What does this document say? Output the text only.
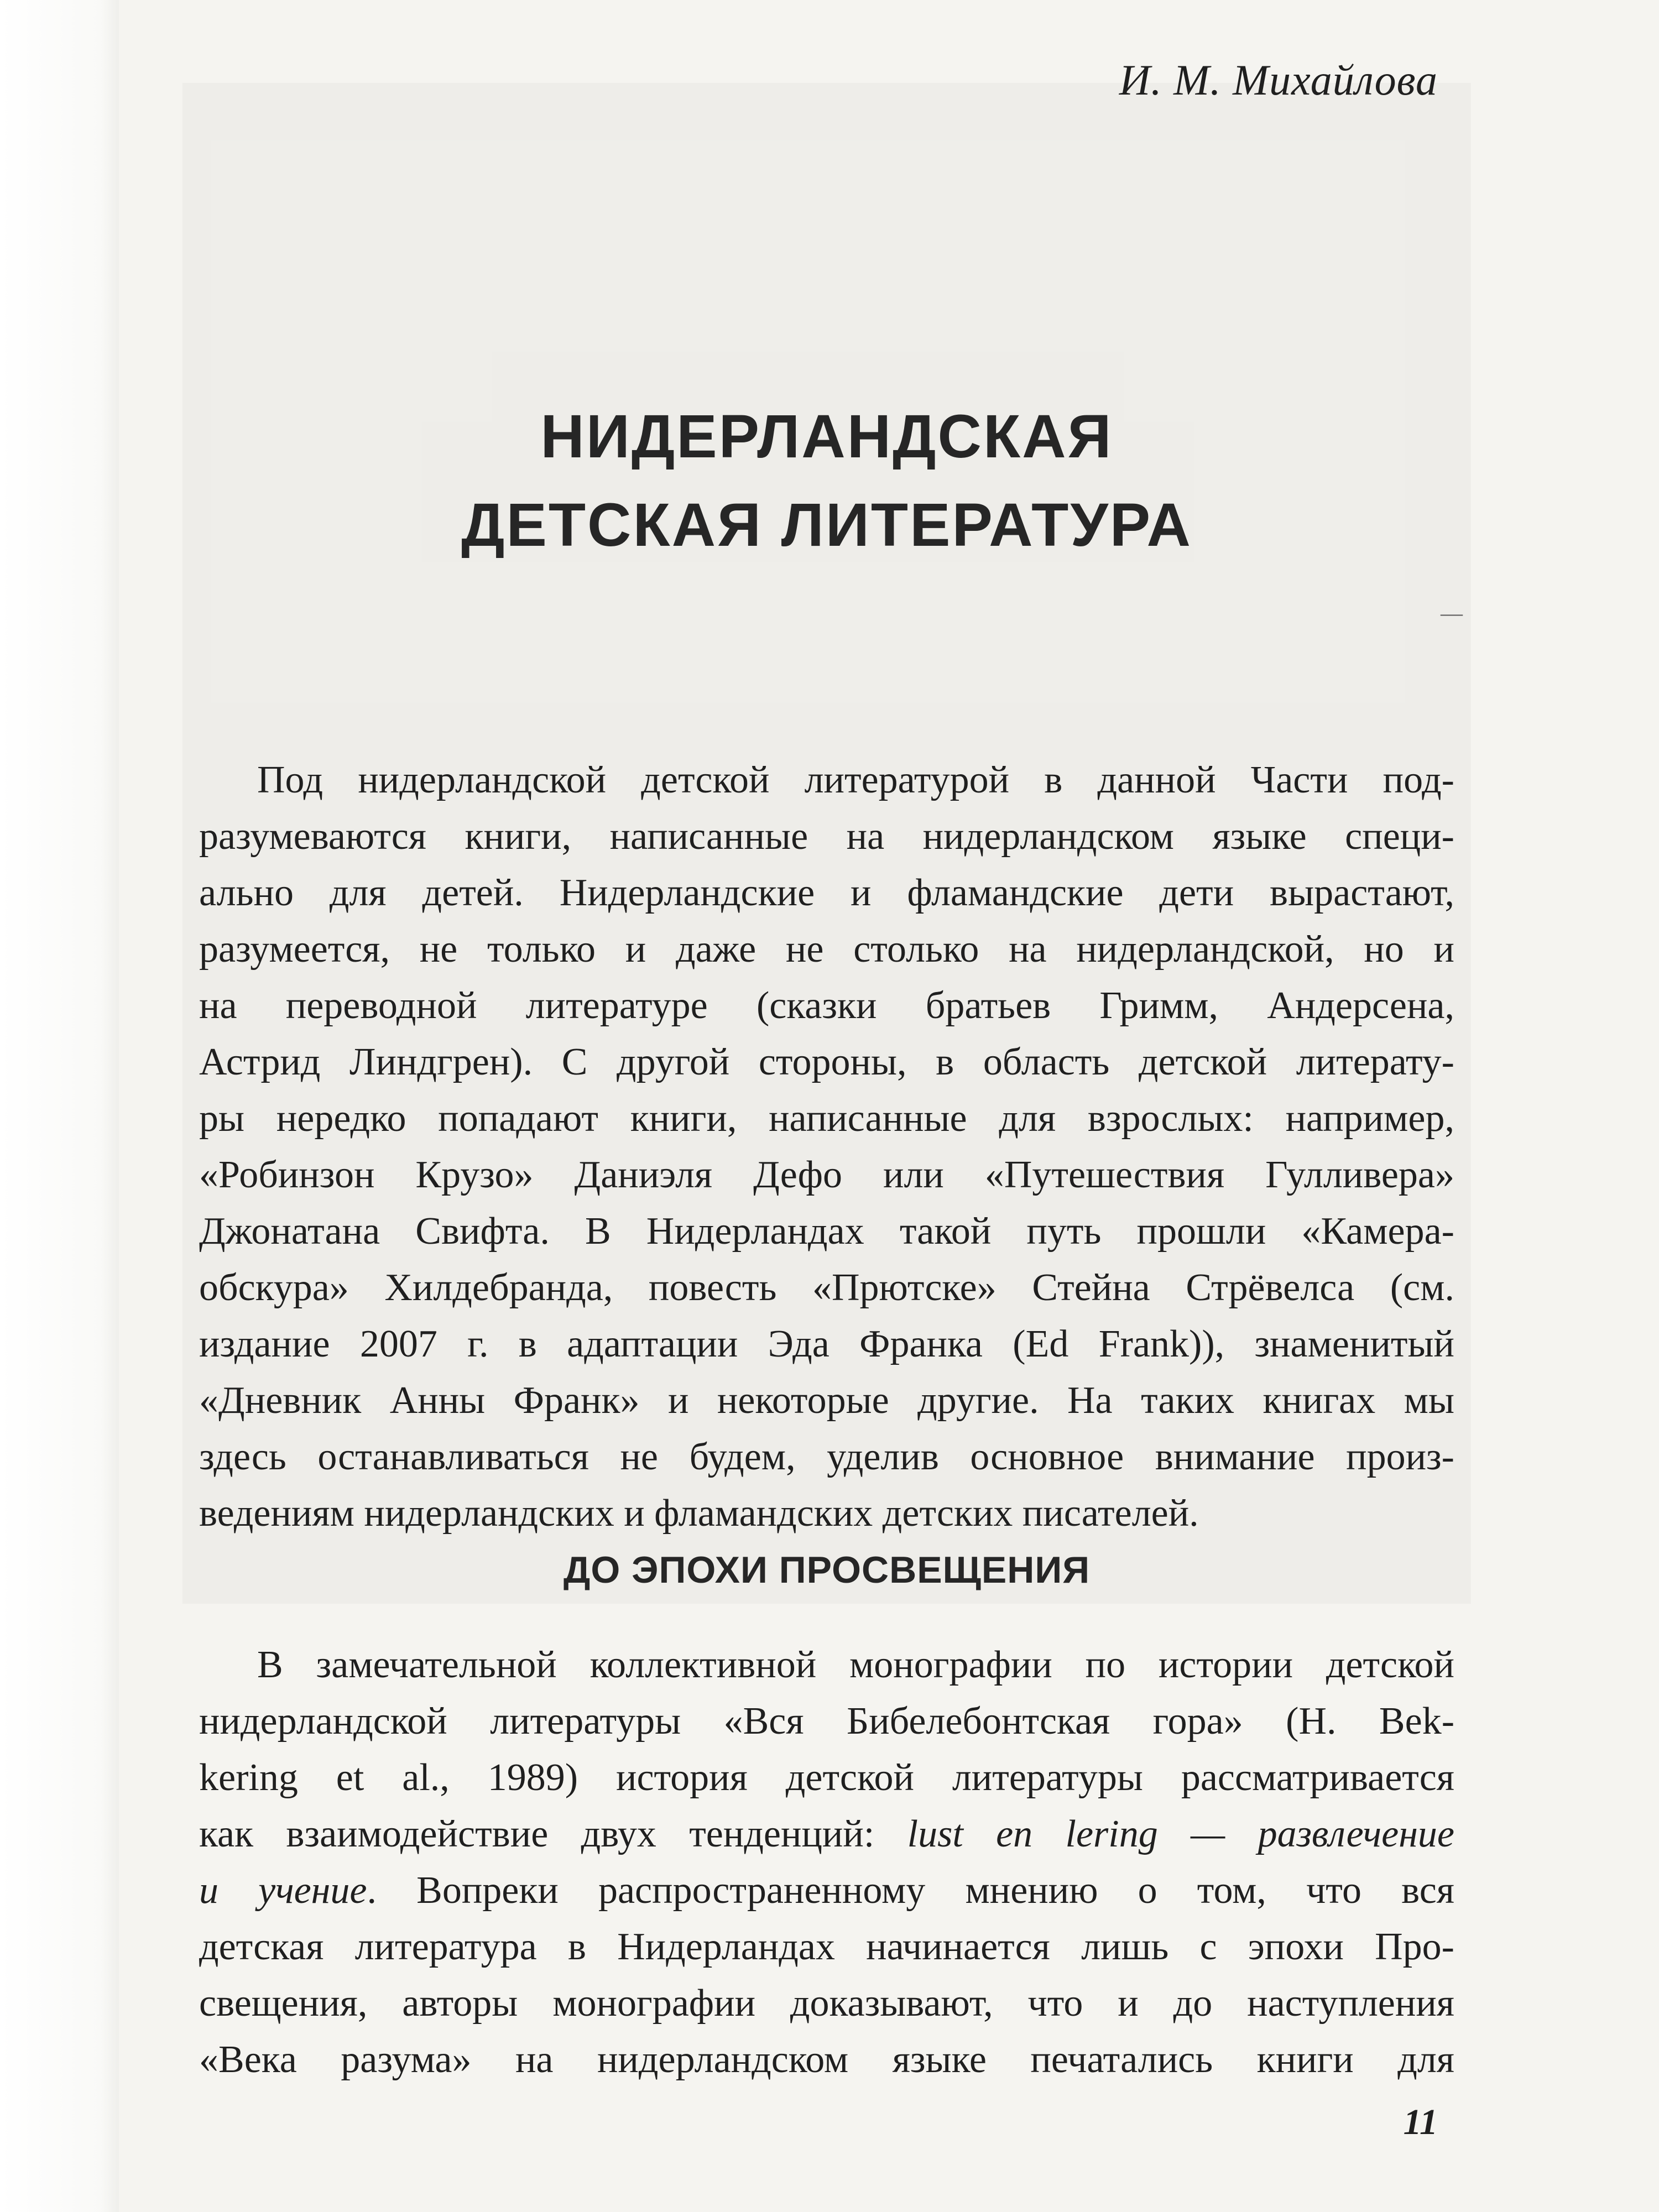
И. М. Михайлова
НИДЕРЛАНДСКАЯ
ДЕТСКАЯ ЛИТЕРАТУРА
—
Под нидерландской детской литературой в данной Части под-
разумеваются книги, написанные на нидерландском языке специ-
ально для детей. Нидерландские и фламандские дети вырастают,
разумеется, не только и даже не столько на нидерландской, но и
на переводной литературе (сказки братьев Гримм, Андерсена,
Астрид Линдгрен). С другой стороны, в область детской литерату-
ры нередко попадают книги, написанные для взрослых: например,
«Робинзон Крузо» Даниэля Дефо или «Путешествия Гулливера»
Джонатана Свифта. В Нидерландах такой путь прошли «Камера-
обскура» Хилдебранда, повесть «Прютске» Стейна Стрёвелса (см.
издание 2007 г. в адаптации Эда Франка (Ed Frank)), знаменитый
«Дневник Анны Франк» и некоторые другие. На таких книгах мы
здесь останавливаться не будем, уделив основное внимание произ-
ведениям нидерландских и фламандских детских писателей.
ДО ЭПОХИ ПРОСВЕЩЕНИЯ
В замечательной коллективной монографии по истории детской
нидерландской литературы «Вся Бибелебонтская гора» (H. Bek-
kering et al., 1989) история детской литературы рассматривается
как взаимодействие двух тенденций: lust en lering — развлечение
и учение. Вопреки распространенному мнению о том, что вся
детская литература в Нидерландах начинается лишь с эпохи Про-
свещения, авторы монографии доказывают, что и до наступления
«Века разума» на нидерландском языке печатались книги для
11
